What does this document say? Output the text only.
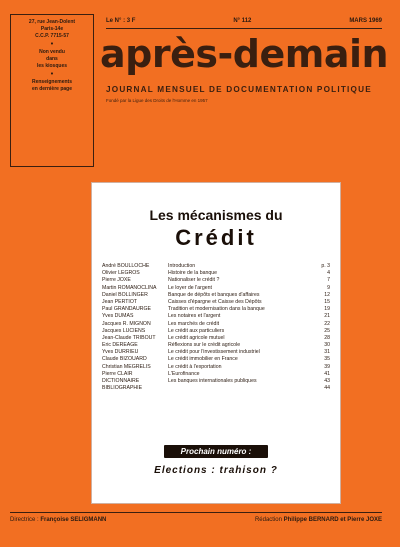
27, rue Jean-Dolent
Paris-14e
C.C.P. 7715-57
•
Non vendu
dans
les kiosques
•
Renseignements
en dernière page
Le N° : 3 F	N° 112	MARS 1969
après-demain
JOURNAL MENSUEL DE DOCUMENTATION POLITIQUE
Fondé par la Ligue des Droits de l'Homme en 1957
Les mécanismes du
Crédit
André BOULLOCHE	Introduction	p. 3
Olivier LEGROS	Histoire de la banque	4
Pierre JOXE	Nationaliser le crédit ?	7
Martin ROMANOCLINA	Le loyer de l'argent	9
Daniel BOLLINGER	Banque de dépôts et banques d'affaires	12
Jean PERTIOT	Caisses d'épargne et Caisse des Dépôts	15
Paul GRANDAURGE	Tradition et modernisation dans la banque	19
Yves DUMAS	Les notaires et l'argent	21
Jacques R. MIGNON	Les marchés de crédit	22
Jacques LUCIENS	Le crédit aux particuliers	25
Jean-Claude TRIBOUT	Le crédit agricole mutuel	28
Eric DEREAGE	Réflexions sur le crédit agricole	30
Yves DURRIEU	Le crédit pour l'investissement industriel	31
Claude BIZOUARD	Le crédit immobilier en France	35
Christian MEGRELIS	Le crédit à l'exportation	39
Pierre CLAIR	L'Eurofinance	41
DICTIONNAIRE	Les banques internationales publiques	43
BIBLIOGRAPHIE	44
Prochain numéro :
Elections : trahison ?
Directrice : Françoise SELIGMANN	Rédaction Philippe BERNARD et Pierre JOXE
